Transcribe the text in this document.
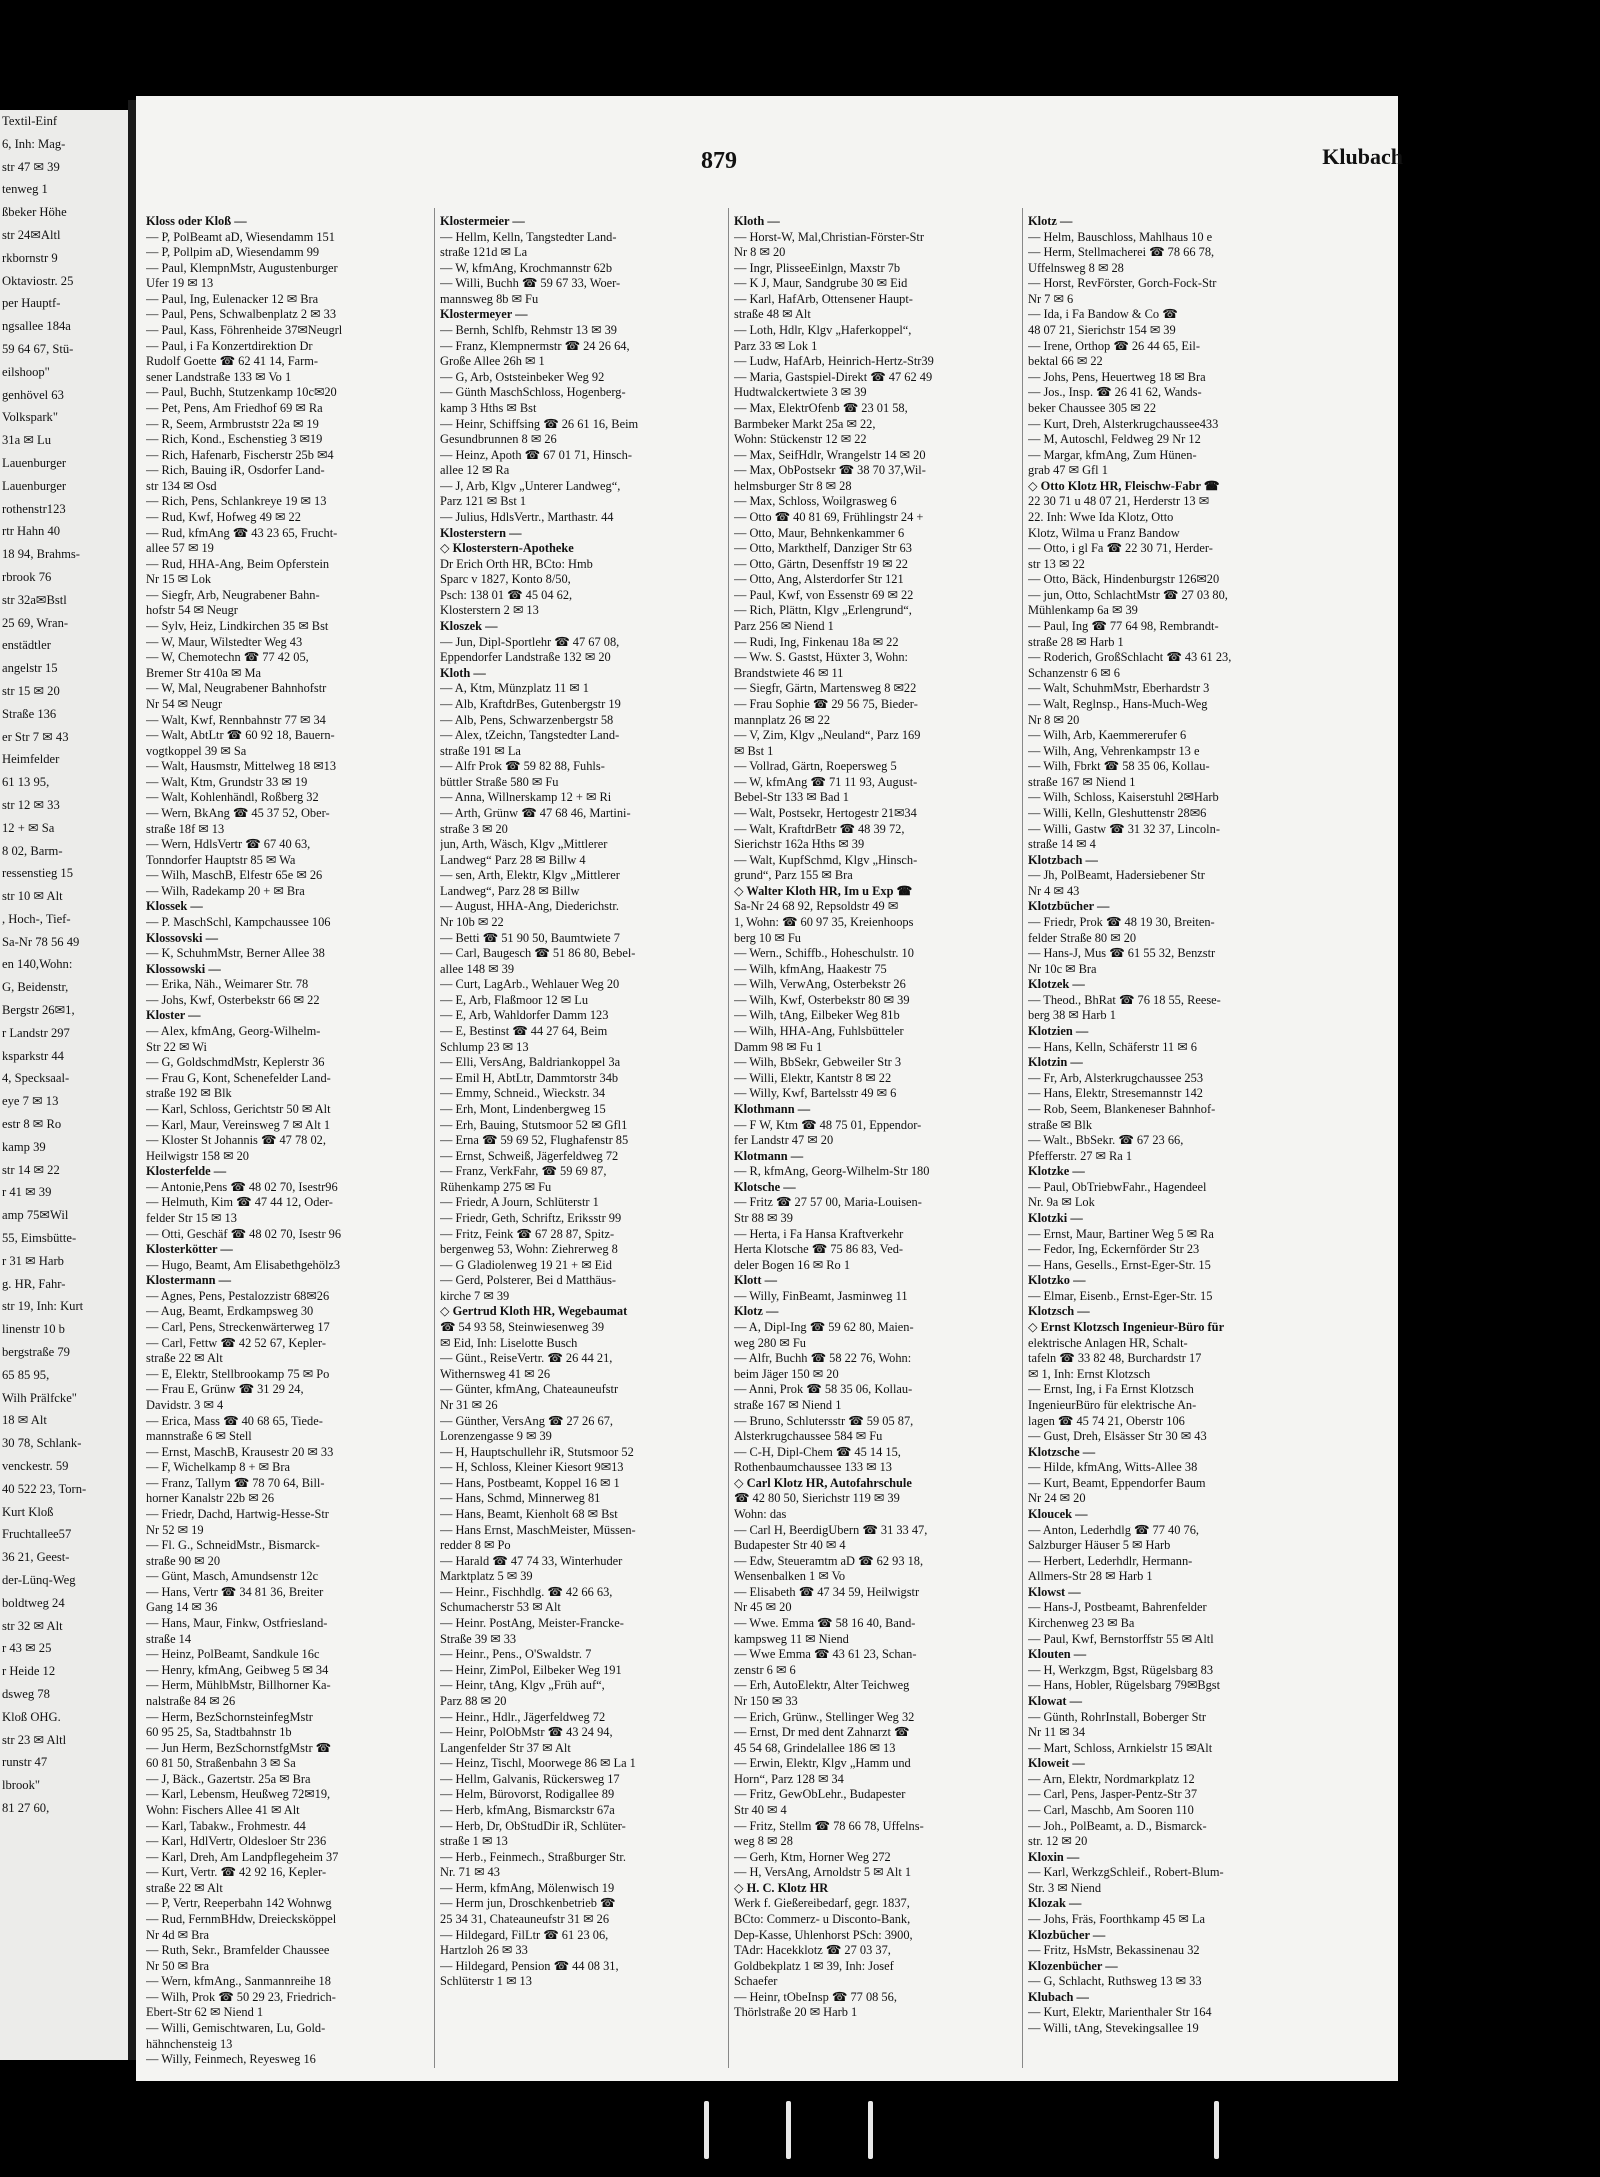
Textil-Einf
6, Inh: Mag-
str 47 ✉ 39
tenweg 1
ßbeker Höhe
str 24✉Altl
rkbornstr 9
Oktaviostr. 25
per Hauptf-
ngsallee 184a
59 64 67, Stü-
eilshoop"
genhövel 63
Volkspark"
31a ✉ Lu
Lauenburger
Lauenburger
rothenstr123
rtr Hahn 40
18 94, Brahms-
rbrook 76
str 32a✉Bstl
25 69, Wran-
enstädtler
angelstr 15
str 15 ✉ 20
Straße 136
er Str 7 ✉ 43
Heimfelder
61 13 95,
str 12 ✉ 33
12 + ✉ Sa
8 02, Barm-
ressenstieg 15
str 10 ✉ Alt
, Hoch-, Tief-
Sa-Nr 78 56 49
en 140,Wohn:
G, Beidenstr,
Bergstr 26✉1,
r Landstr 297
ksparkstr 44
4, Specksaal-
eye 7 ✉ 13
estr 8 ✉ Ro
kamp 39
str 14 ✉ 22
r 41 ✉ 39
amp 75✉Wil
55, Eimsbütte-
r 31 ✉ Harb
g. HR, Fahr-
str 19, Inh: Kurt
linenstr 10 b
bergstraße 79
65 85 95,
Wilh Prälfcke"
18 ✉ Alt
30 78, Schlank-
venckestr. 59
40 522 23, Torn-
Kurt Kloß
Fruchtallee57
36 21, Geest-
der-Lünq-Weg
boldtweg 24
str 32 ✉ Alt
r 43 ✉ 25
r Heide 12
dsweg 78
Kloß OHG.
str 23 ✉ Altl
runstr 47
lbrook"
81 27 60,
879	Klubach
Kloss oder Kloß —
— P, PolBeamt aD, Wiesendamm 151
— P, Pollpim aD, Wiesendamm 99
— Paul, KlempnMstr, Augustenburger
Ufer 19 ✉ 13
— Paul, Ing, Eulenacker 12 ✉ Bra
— Paul, Pens, Schwalbenplatz 2 ✉ 33
— Paul, Kass, Föhrenheide 37✉Neugrl
— Paul, i Fa Konzertdirektion Dr
Rudolf Goette ☎ 62 41 14, Farm-
sener Landstraße 133 ✉ Vo 1
— Paul, Buchh, Stutzenkamp 10c✉20
— Pet, Pens, Am Friedhof 69 ✉ Ra
— R, Seem, Armbruststr 22a ✉ 19
— Rich, Kond., Eschenstieg 3 ✉19
— Rich, Hafenarb, Fischerstr 25b ✉4
— Rich, Bauing iR, Osdorfer Land-
str 134 ✉ Osd
— Rich, Pens, Schlankreye 19 ✉ 13
— Rud, Kwf, Hofweg 49 ✉ 22
— Rud, kfmAng ☎ 43 23 65, Frucht-
allee 57 ✉ 19
— Rud, HHA-Ang, Beim Opferstein
Nr 15 ✉ Lok
— Siegfr, Arb, Neugrabener Bahn-
hofstr 54 ✉ Neugr
— Sylv, Heiz, Lindkirchen 35 ✉ Bst
— W, Maur, Wilstedter Weg 43
— W, Chemotechn ☎ 77 42 05,
Bremer Str 410a ✉ Ma
— W, Mal, Neugrabener Bahnhofstr
Nr 54 ✉ Neugr
— Walt, Kwf, Rennbahnstr 77 ✉ 34
— Walt, AbtLtr ☎ 60 92 18, Bauern-
vogtkoppel 39 ✉ Sa
— Walt, Hausmstr, Mittelweg 18 ✉13
— Walt, Ktm, Grundstr 33 ✉ 19
— Walt, Kohlenhändl, Roßberg 32
— Wern, BkAng ☎ 45 37 52, Ober-
straße 18f ✉ 13
— Wern, HdlsVertr ☎ 67 40 63,
Tonndorfer Hauptstr 85 ✉ Wa
— Wilh, MaschB, Elfestr 65e ✉ 26
— Wilh, Radekamp 20 + ✉ Bra
Klossek —
— P. MaschSchl, Kampchaussee 106
Klossovski —
— K, SchuhmMstr, Berner Allee 38
Klossowski —
— Erika, Näh., Weimarer Str. 78
— Johs, Kwf, Osterbekstr 66 ✉ 22
Kloster —
— Alex, kfmAng, Georg-Wilhelm-
Str 22 ✉ Wi
— G, GoldschmdMstr, Keplerstr 36
— Frau G, Kont, Schenefelder Land-
straße 192 ✉ Blk
— Karl, Schloss, Gerichtstr 50 ✉ Alt
— Karl, Maur, Vereinsweg 7 ✉ Alt 1
— Kloster St Johannis ☎ 47 78 02,
Heilwigstr 158 ✉ 20
Klosterfelde —
— Antonie,Pens ☎ 48 02 70, Isestr96
— Helmuth, Kim ☎ 47 44 12, Oder-
felder Str 15 ✉ 13
— Otti, Geschäf ☎ 48 02 70, Isestr 96
Klosterkötter —
— Hugo, Beamt, Am Elisabethgehölz3
Klostermann —
— Agnes, Pens, Pestalozzistr 68✉26
— Aug, Beamt, Erdkampsweg 30
— Carl, Pens, Streckenwärterweg 17
— Carl, Fettw ☎ 42 52 67, Kepler-
straße 22 ✉ Alt
— E, Elektr, Stellbrookamp 75 ✉ Po
— Frau E, Grünw ☎ 31 29 24,
Davidstr. 3 ✉ 4
— Erica, Mass ☎ 40 68 65, Tiede-
mannstraße 6 ✉ Stell
— Ernst, MaschB, Krausestr 20 ✉ 33
— F, Wichelkamp 8 + ✉ Bra
— Franz, Tallym ☎ 78 70 64, Bill-
horner Kanalstr 22b ✉ 26
— Friedr, Dachd, Hartwig-Hesse-Str
Nr 52 ✉ 19
— Fl. G., SchneidMstr., Bismarck-
straße 90 ✉ 20
— Günt, Masch, Amundsenstr 12c
— Hans, Vertr ☎ 34 81 36, Breiter
Gang 14 ✉ 36
— Hans, Maur, Finkw, Ostfriesland-
straße 14
— Heinz, PolBeamt, Sandkule 16c
— Henry, kfmAng, Geibweg 5 ✉ 34
— Herm, MühlbMstr, Billhorner Ka-
nalstraße 84 ✉ 26
— Herm, BezSchornsteinfegMstr
60 95 25, Sa, Stadtbahnstr 1b
— Jun Herm, BezSchornstfgMstr ☎
60 81 50, Straßenbahn 3 ✉ Sa
— J, Bäck., Gazertstr. 25a ✉ Bra
— Karl, Lebensm, Heußweg 72✉19,
Wohn: Fischers Allee 41 ✉ Alt
— Karl, Tabakw., Frohmestr. 44
— Karl, HdlVertr, Oldesloer Str 236
— Karl, Dreh, Am Landpflegeheim 37
— Kurt, Vertr. ☎ 42 92 16, Kepler-
straße 22 ✉ Alt
— P, Vertr, Reeperbahn 142 Wohnwg
— Rud, FernmBHdw, Dreiecksköppel
Nr 4d ✉ Bra
— Ruth, Sekr., Bramfelder Chaussee
Nr 50 ✉ Bra
— Wern, kfmAng., Sanmannreihe 18
— Wilh, Prok ☎ 50 29 23, Friedrich-
Ebert-Str 62 ✉ Niend 1
— Willi, Gemischtwaren, Lu, Gold-
hähnchensteig 13
— Willy, Feinmech, Reyesweg 16
Klostermeier —
— Hellm, Kelln, Tangstedter Land-
straße 121d ✉ La
— W, kfmAng, Krochmannstr 62b
— Willi, Buchh ☎ 59 67 33, Woer-
mannsweg 8b ✉ Fu
Klostermeyer —
— Bernh, Schlfb, Rehmstr 13 ✉ 39
— Franz, Klempnermstr ☎ 24 26 64,
Große Allee 26h ✉ 1
— G, Arb, Oststeinbeker Weg 92
— Günth MaschSchloss, Hogenberg-
kamp 3 Hths ✉ Bst
— Heinr, Schiffsing ☎ 26 61 16, Beim
Gesundbrunnen 8 ✉ 26
— Heinz, Apoth ☎ 67 01 71, Hinsch-
allee 12 ✉ Ra
— J, Arb, Klgv „Unterer Landweg“,
Parz 121 ✉ Bst 1
— Julius, HdlsVertr., Marthastr. 44
Klosterstern —
◇ Klosterstern-Apotheke
Dr Erich Orth HR, BCto: Hmb
Sparc v 1827, Konto 8/50,
Psch: 138 01 ☎ 45 04 62,
Klosterstern 2 ✉ 13
Kloszek —
— Jun, Dipl-Sportlehr ☎ 47 67 08,
Eppendorfer Landstraße 132 ✉ 20
Kloth —
— A, Ktm, Münzplatz 11 ✉ 1
— Alb, KraftdrBes, Gutenbergstr 19
— Alb, Pens, Schwarzenbergstr 58
— Alex, tZeichn, Tangstedter Land-
straße 191 ✉ La
— Alfr Prok ☎ 59 82 88, Fuhls-
büttler Straße 580 ✉ Fu
— Anna, Willnerskamp 12 + ✉ Ri
— Arth, Grünw ☎ 47 68 46, Martini-
straße 3 ✉ 20
jun, Arth, Wäsch, Klgv „Mittlerer
Landweg“ Parz 28 ✉ Billw 4
— sen, Arth, Elektr, Klgv „Mittlerer
Landweg“, Parz 28 ✉ Billw
— August, HHA-Ang, Diederichstr.
Nr 10b ✉ 22
— Betti ☎ 51 90 50, Baumtwiete 7
— Carl, Baugesch ☎ 51 86 80, Bebel-
allee 148 ✉ 39
— Curt, LagArb., Wehlauer Weg 20
— E, Arb, Flaßmoor 12 ✉ Lu
— E, Arb, Wahldorfer Damm 123
— E, Bestinst ☎ 44 27 64, Beim
Schlump 23 ✉ 13
— Elli, VersAng, Baldriankoppel 3a
— Emil H, AbtLtr, Dammtorstr 34b
— Emmy, Schneid., Wieckstr. 34
— Erh, Mont, Lindenbergweg 15
— Erh, Bauing, Stutsmoor 52 ✉ Gfl1
— Erna ☎ 59 69 52, Flughafenstr 85
— Ernst, Schweiß, Jägerfeldweg 72
— Franz, VerkFahr, ☎ 59 69 87,
Rühenkamp 275 ✉ Fu
— Friedr, A Journ, Schlüterstr 1
— Friedr, Geth, Schriftz, Eriksstr 99
— Fritz, Feink ☎ 67 28 87, Spitz-
bergenweg 53, Wohn: Ziehrerweg 8
— G Gladiolenweg 19 21 + ✉ Eid
— Gerd, Polsterer, Bei d Matthäus-
kirche 7 ✉ 39
◇ Gertrud Kloth HR, Wegebaumat
☎ 54 93 58, Steinwiesenweg 39
✉ Eid, Inh: Liselotte Busch
— Günt., ReiseVertr. ☎ 26 44 21,
Withernsweg 41 ✉ 26
— Günter, kfmAng, Chateauneufstr
Nr 31 ✉ 26
— Günther, VersAng ☎ 27 26 67,
Lorenzengasse 9 ✉ 39
— H, Hauptschullehr iR, Stutsmoor 52
— H, Schloss, Kleiner Kiesort 9✉13
— Hans, Postbeamt, Koppel 16 ✉ 1
— Hans, Schmd, Minnerweg 81
— Hans, Beamt, Kienholt 68 ✉ Bst
— Hans Ernst, MaschMeister, Müssen-
redder 8 ✉ Po
— Harald ☎ 47 74 33, Winterhuder
Marktplatz 5 ✉ 39
— Heinr., Fischhdlg. ☎ 42 66 63,
Schumacherstr 53 ✉ Alt
— Heinr. PostAng, Meister-Francke-
Straße 39 ✉ 33
— Heinr., Pens., O'Swaldstr. 7
— Heinr, ZimPol, Eilbeker Weg 191
— Heinr, tAng, Klgv „Früh auf“,
Parz 88 ✉ 20
— Heinr., Hdlr., Jägerfeldweg 72
— Heinr, PolObMstr ☎ 43 24 94,
Langenfelder Str 37 ✉ Alt
— Heinz, Tischl, Moorwege 86 ✉ La 1
— Hellm, Galvanis, Rückersweg 17
— Helm, Bürovorst, Rodigallee 89
— Herb, kfmAng, Bismarckstr 67a
— Herb, Dr, ObStudDir iR, Schlüter-
straße 1 ✉ 13
— Herb., Feinmech., Straßburger Str.
Nr. 71 ✉ 43
— Herm, kfmAng, Mölenwisch 19
— Herm jun, Droschkenbetrieb ☎
25 34 31, Chateauneufstr 31 ✉ 26
— Hildegard, FilLtr ☎ 61 23 06,
Hartzloh 26 ✉ 33
— Hildegard, Pension ☎ 44 08 31,
Schlüterstr 1 ✉ 13
Kloth —
— Horst-W, Mal,Christian-Förster-Str
Nr 8 ✉ 20
— Ingr, PlisseeEinlgn, Maxstr 7b
— K J, Maur, Sandgrube 30 ✉ Eid
— Karl, HafArb, Ottensener Haupt-
straße 48 ✉ Alt
— Loth, Hdlr, Klgv „Haferkoppel“,
Parz 33 ✉ Lok 1
— Ludw, HafArb, Heinrich-Hertz-Str39
— Maria, Gastspiel-Direkt ☎ 47 62 49
Hudtwalckertwiete 3 ✉ 39
— Max, ElektrOfenb ☎ 23 01 58,
Barmbeker Markt 25a ✉ 22,
Wohn: Stückenstr 12 ✉ 22
— Max, SeifHdlr, Wrangelstr 14 ✉ 20
— Max, ObPostsekr ☎ 38 70 37,Wil-
helmsburger Str 8 ✉ 28
— Max, Schloss, Woilgrasweg 6
— Otto ☎ 40 81 69, Frühlingstr 24 +
— Otto, Maur, Behnkenkammer 6
— Otto, Markthelf, Danziger Str 63
— Otto, Gärtn, Desenffstr 19 ✉ 22
— Otto, Ang, Alsterdorfer Str 121
— Paul, Kwf, von Essenstr 69 ✉ 22
— Rich, Plättn, Klgv „Erlengrund“,
Parz 256 ✉ Niend 1
— Rudi, Ing, Finkenau 18a ✉ 22
— Ww. S. Gastst, Hüxter 3, Wohn:
Brandstwiete 46 ✉ 11
— Siegfr, Gärtn, Martensweg 8 ✉22
— Frau Sophie ☎ 29 56 75, Bieder-
mannplatz 26 ✉ 22
— V, Zim, Klgv „Neuland“, Parz 169
✉ Bst 1
— Vollrad, Gärtn, Roepersweg 5
— W, kfmAng ☎ 71 11 93, August-
Bebel-Str 133 ✉ Bad 1
— Walt, Postsekr, Hertogestr 21✉34
— Walt, KraftdrBetr ☎ 48 39 72,
Sierichstr 162a Hths ✉ 39
— Walt, KupfSchmd, Klgv „Hinsch-
grund“, Parz 155 ✉ Bra
◇ Walter Kloth HR, Im u Exp ☎
Sa-Nr 24 68 92, Repsoldstr 49 ✉
1, Wohn: ☎ 60 97 35, Kreienhoops
berg 10 ✉ Fu
— Wern., Schiffb., Hoheschulstr. 10
— Wilh, kfmAng, Haakestr 75
— Wilh, VerwAng, Osterbekstr 26
— Wilh, Kwf, Osterbekstr 80 ✉ 39
— Wilh, tAng, Eilbeker Weg 81b
— Wilh, HHA-Ang, Fuhlsbütteler
Damm 98 ✉ Fu 1
— Wilh, BbSekr, Gebweiler Str 3
— Willi, Elektr, Kantstr 8 ✉ 22
— Willy, Kwf, Bartelsstr 49 ✉ 6
Klothmann —
— F W, Ktm ☎ 48 75 01, Eppendor-
fer Landstr 47 ✉ 20
Klotmann —
— R, kfmAng, Georg-Wilhelm-Str 180
Klotsche —
— Fritz ☎ 27 57 00, Maria-Louisen-
Str 88 ✉ 39
— Herta, i Fa Hansa Kraftverkehr
Herta Klotsche ☎ 75 86 83, Ved-
deler Bogen 16 ✉ Ro 1
Klott —
— Willy, FinBeamt, Jasminweg 11
Klotz —
— A, Dipl-Ing ☎ 59 62 80, Maien-
weg 280 ✉ Fu
— Alfr, Buchh ☎ 58 22 76, Wohn:
beim Jäger 150 ✉ 20
— Anni, Prok ☎ 58 35 06, Kollau-
straße 167 ✉ Niend 1
— Bruno, Schlutersstr ☎ 59 05 87,
Alsterkrugchaussee 584 ✉ Fu
— C-H, Dipl-Chem ☎ 45 14 15,
Rothenbaumchaussee 133 ✉ 13
◇ Carl Klotz HR, Autofahrschule
☎ 42 80 50, Sierichstr 119 ✉ 39
Wohn: das
— Carl H, BeerdigUbern ☎ 31 33 47,
Budapester Str 40 ✉ 4
— Edw, Steueramtm aD ☎ 62 93 18,
Wensenbalken 1 ✉ Vo
— Elisabeth ☎ 47 34 59, Heilwigstr
Nr 45 ✉ 20
— Wwe. Emma ☎ 58 16 40, Band-
kampsweg 11 ✉ Niend
— Wwe Emma ☎ 43 61 23, Schan-
zenstr 6 ✉ 6
— Erh, AutoElektr, Alter Teichweg
Nr 150 ✉ 33
— Erich, Grünw., Stellinger Weg 32
— Ernst, Dr med dent Zahnarzt ☎
45 54 68, Grindelallee 186 ✉ 13
— Erwin, Elektr, Klgv „Hamm und
Horn“, Parz 128 ✉ 34
— Fritz, GewObLehr., Budapester
Str 40 ✉ 4
— Fritz, Stellm ☎ 78 66 78, Uffelns-
weg 8 ✉ 28
— Gerh, Ktm, Horner Weg 272
— H, VersAng, Arnoldstr 5 ✉ Alt 1
◇ H. C. Klotz HR
Werk f. Gießereibedarf, gegr. 1837,
BCto: Commerz- u Disconto-Bank,
Dep-Kasse, Uhlenhorst PSch: 3900,
TAdr: Hacekklotz ☎ 27 03 37,
Goldbekplatz 1 ✉ 39, Inh: Josef
Schaefer
— Heinr, tObeInsp ☎ 77 08 56,
Thörlstraße 20 ✉ Harb 1
Klotz —
— Helm, Bauschloss, Mahlhaus 10 e
— Herm, Stellmacherei ☎ 78 66 78,
Uffelnsweg 8 ✉ 28
— Horst, RevFörster, Gorch-Fock-Str
Nr 7 ✉ 6
— Ida, i Fa Bandow & Co ☎
48 07 21, Sierichstr 154 ✉ 39
— Irene, Orthop ☎ 26 44 65, Eil-
bektal 66 ✉ 22
— Johs, Pens, Heuertweg 18 ✉ Bra
— Jos., Insp. ☎ 26 41 62, Wands-
beker Chaussee 305 ✉ 22
— Kurt, Dreh, Alsterkrugchaussee433
— M, Autoschl, Feldweg 29 Nr 12
— Margar, kfmAng, Zum Hünen-
grab 47 ✉ Gfl 1
◇ Otto Klotz HR, Fleischw-Fabr ☎
22 30 71 u 48 07 21, Herderstr 13 ✉
22. Inh: Wwe Ida Klotz, Otto
Klotz, Wilma u Franz Bandow
— Otto, i gl Fa ☎ 22 30 71, Herder-
str 13 ✉ 22
— Otto, Bäck, Hindenburgstr 126✉20
— jun, Otto, SchlachtMstr ☎ 27 03 80,
Mühlenkamp 6a ✉ 39
— Paul, Ing ☎ 77 64 98, Rembrandt-
straße 28 ✉ Harb 1
— Roderich, GroßSchlacht ☎ 43 61 23,
Schanzenstr 6 ✉ 6
— Walt, SchuhmMstr, Eberhardstr 3
— Walt, Reglnsp., Hans-Much-Weg
Nr 8 ✉ 20
— Wilh, Arb, Kaemmererufer 6
— Wilh, Ang, Vehrenkampstr 13 e
— Wilh, Fbrkt ☎ 58 35 06, Kollau-
straße 167 ✉ Niend 1
— Wilh, Schloss, Kaiserstuhl 2✉Harb
— Willi, Kelln, Gleshuttenstr 28✉6
— Willi, Gastw ☎ 31 32 37, Lincoln-
straße 14 ✉ 4
Klotzbach —
— Jh, PolBeamt, Hadersiebener Str
Nr 4 ✉ 43
Klotzbücher —
— Friedr, Prok ☎ 48 19 30, Breiten-
felder Straße 80 ✉ 20
— Hans-J, Mus ☎ 61 55 32, Benzstr
Nr 10c ✉ Bra
Klotzek —
— Theod., BhRat ☎ 76 18 55, Reese-
berg 38 ✉ Harb 1
Klotzien —
— Hans, Kelln, Schäferstr 11 ✉ 6
Klotzin —
— Fr, Arb, Alsterkrugchaussee 253
— Hans, Elektr, Stresemannstr 142
— Rob, Seem, Blankeneser Bahnhof-
straße ✉ Blk
— Walt., BbSekr. ☎ 67 23 66,
Pfefferstr. 27 ✉ Ra 1
Klotzke —
— Paul, ObTriebwFahr., Hagendeel
Nr. 9a ✉ Lok
Klotzki —
— Ernst, Maur, Bartiner Weg 5 ✉ Ra
— Fedor, Ing, Eckernförder Str 23
— Hans, Gesells., Ernst-Eger-Str. 15
Klotzko —
— Elmar, Eisenb., Ernst-Eger-Str. 15
Klotzsch —
◇ Ernst Klotzsch Ingenieur-Büro für
elektrische Anlagen HR, Schalt-
tafeln ☎ 33 82 48, Burchardstr 17
✉ 1, Inh: Ernst Klotzsch
— Ernst, Ing, i Fa Ernst Klotzsch
IngenieurBüro für elektrische An-
lagen ☎ 45 74 21, Oberstr 106
— Gust, Dreh, Elsässer Str 30 ✉ 43
Klotzsche —
— Hilde, kfmAng, Witts-Allee 38
— Kurt, Beamt, Eppendorfer Baum
Nr 24 ✉ 20
Kloucek —
— Anton, Lederhdlg ☎ 77 40 76,
Salzburger Häuser 5 ✉ Harb
— Herbert, Lederhdlr, Hermann-
Allmers-Str 28 ✉ Harb 1
Klowst —
— Hans-J, Postbeamt, Bahrenfelder
Kirchenweg 23 ✉ Ba
— Paul, Kwf, Bernstorffstr 55 ✉ Altl
Klouten —
— H, Werkzgm, Bgst, Rügelsbarg 83
— Hans, Hobler, Rügelsbarg 79✉Bgst
Klowat —
— Günth, RohrInstall, Boberger Str
Nr 11 ✉ 34
— Mart, Schloss, Arnkielstr 15 ✉Alt
Kloweit —
— Arn, Elektr, Nordmarkplatz 12
— Carl, Pens, Jasper-Pentz-Str 37
— Carl, Maschb, Am Sooren 110
— Joh., PolBeamt, a. D., Bismarck-
str. 12 ✉ 20
Kloxin —
— Karl, WerkzgSchleif., Robert-Blum-
Str. 3 ✉ Niend
Klozak —
— Johs, Fräs, Foorthkamp 45 ✉ La
Klozbücher —
— Fritz, HsMstr, Bekassinenau 32
Klozenbücher —
— G, Schlacht, Ruthsweg 13 ✉ 33
Klubach —
— Kurt, Elektr, Marienthaler Str 164
— Willi, tAng, Stevekingsallee 19
